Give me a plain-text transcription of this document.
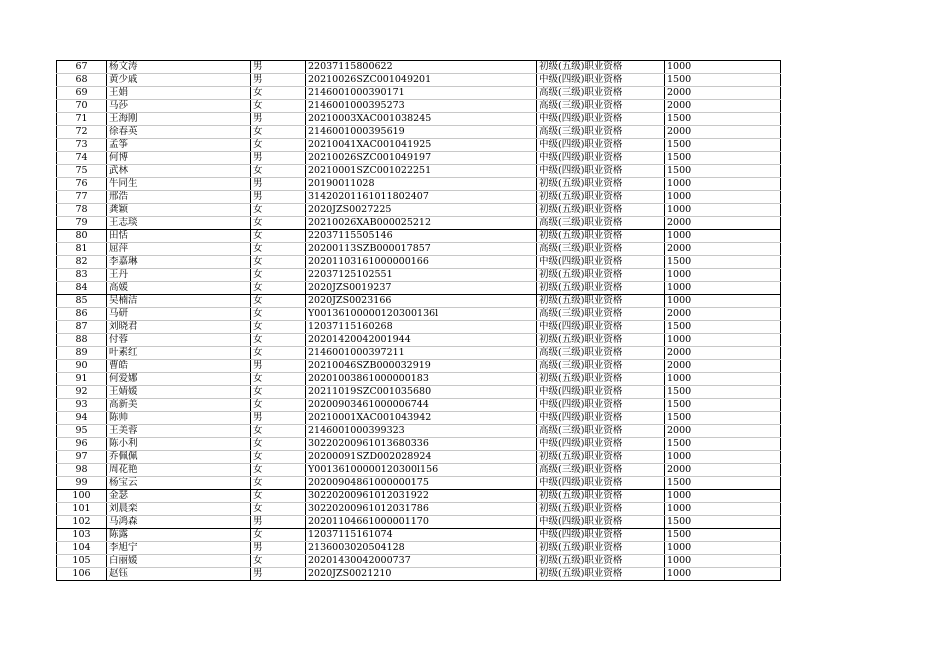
67	杨文涛	男	22037115800622	初级(五级)职业资格	1000
68	黄少戚	男	20210026SZC001049201	中级(四级)职业资格	1500
69	王娟	女	2146001000390171	高级(三级)职业资格	2000
70	马莎	女	2146001000395273	高级(三级)职业资格	2000
71	王海刚	男	20210003XAC001038245	中级(四级)职业资格	1500
72	徐春英	女	2146001000395619	高级(三级)职业资格	2000
73	孟筝	女	20210041XAC001041925	中级(四级)职业资格	1500
74	何博	男	20210026SZC001049197	中级(四级)职业资格	1500
75	武林	女	20210001SZC001022251	中级(四级)职业资格	1500
76	牛同生	男	20190011028	初级(五级)职业资格	1000
77	邢浩	男	31420201161011802407	初级(五级)职业资格	1000
78	龚颖	女	2020JZS0027225	初级(五级)职业资格	1000
79	王志琰	女	20210026XAB000025212	高级(三级)职业资格	2000
80	田恬	女	22037115505146	初级(五级)职业资格	1000
81	屈萍	女	20200113SZB000017857	高级(三级)职业资格	2000
82	李嘉琳	女	20201103161000000166	中级(四级)职业资格	1500
83	王丹	女	22037125102551	初级(五级)职业资格	1000
84	高媛	女	2020JZS0019237	初级(五级)职业资格	1000
85	吴楠洁	女	2020JZS0023166	初级(五级)职业资格	1000
86	马研	女	Y00136100000120300136l	高级(三级)职业资格	2000
87	刘晓君	女	12037115160268	中级(四级)职业资格	1500
88	付蓉	女	20201420042001944	初级(五级)职业资格	1000
89	叶素红	女	2146001000397211	高级(三级)职业资格	2000
90	曹皓	男	20210046SZB000032919	高级(三级)职业资格	2000
91	何爱娜	女	20201003861000000183	初级(五级)职业资格	1000
92	王婧媛	女	20211019SZC001035680	中级(四级)职业资格	1500
93	高新美	女	20200903461000006744	中级(四级)职业资格	1500
94	陈帅	男	20210001XAC001043942	中级(四级)职业资格	1500
95	王美蓉	女	2146001000399323	高级(三级)职业资格	2000
96	陈小利	女	30220200961013680336	中级(四级)职业资格	1500
97	乔佩佩	女	20200091SZD002028924	初级(五级)职业资格	1000
98	周花艳	女	Y00136100000120300l156	高级(三级)职业资格	2000
99	杨宝云	女	20200904861000000175	中级(四级)职业资格	1500
100	金瑟	女	30220200961012031922	初级(五级)职业资格	1000
101	刘晨栾	女	30220200961012031786	初级(五级)职业资格	1000
102	马鸿森	男	20201104661000001170	中级(四级)职业资格	1500
103	陈露	女	12037115161074	中级(四级)职业资格	1500
104	李旭宁	男	2136003020504128	初级(五级)职业资格	1000
105	白丽媛	女	20201430042000737	初级(五级)职业资格	1000
106	赵钰	男	2020JZS0021210	初级(五级)职业资格	1000
